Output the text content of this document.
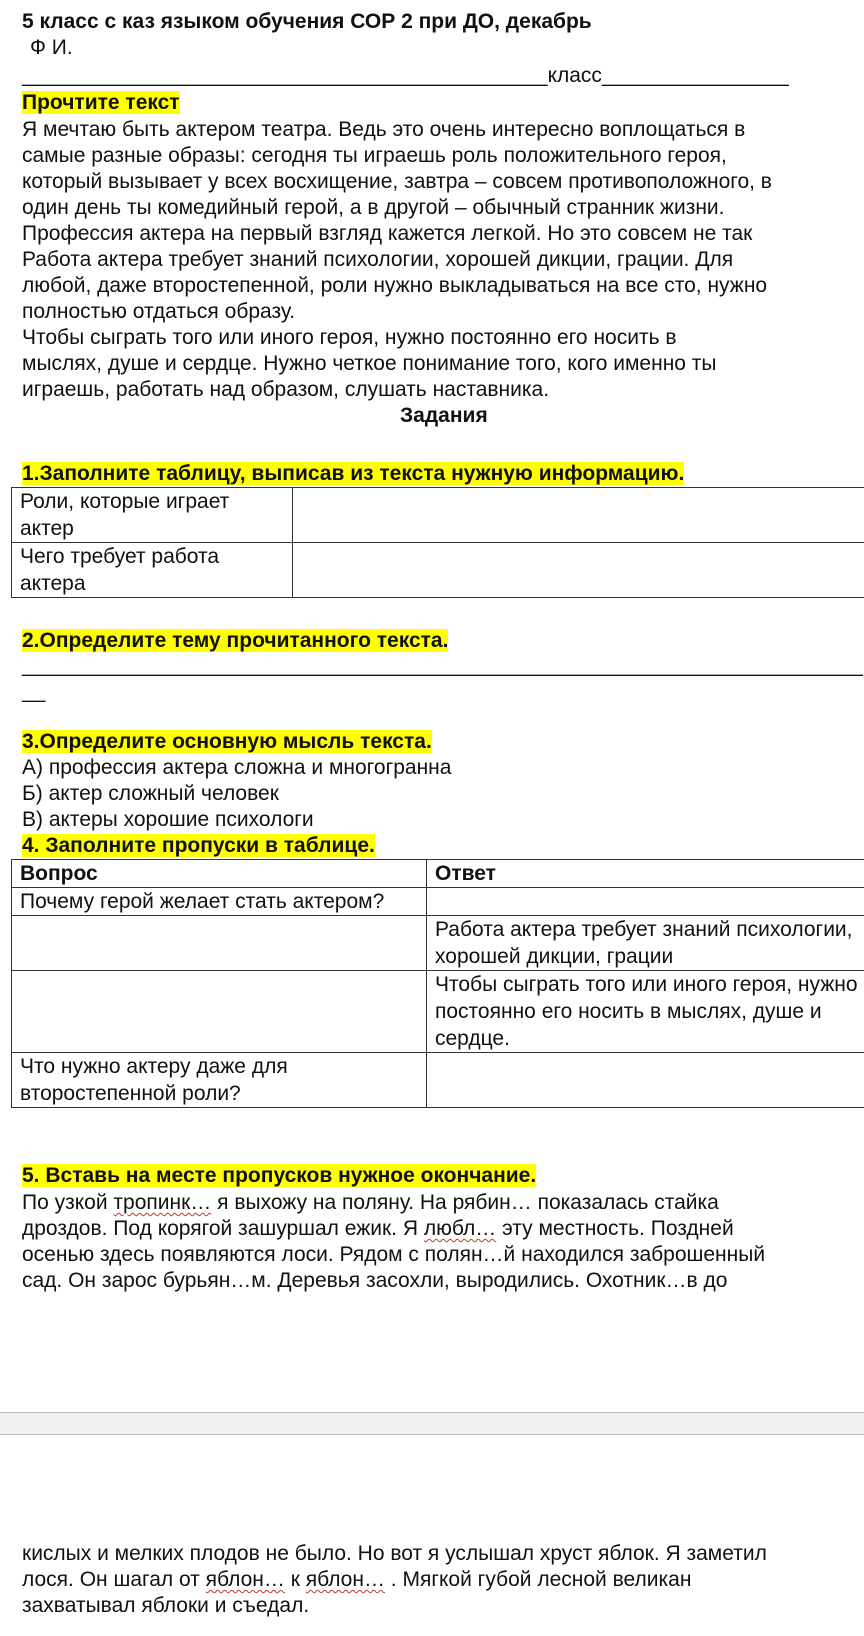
5 класс с каз языком обучения СОР 2 при ДО, декабрь
Ф И.
_____________________________________________класс________________
Прочтите текст
Я мечтаю быть актером театра. Ведь это очень интересно воплощаться в
самые разные образы: сегодня ты играешь роль положительного героя,
который вызывает у всех восхищение, завтра – совсем противоположного, в
один день ты комедийный герой, а в другой – обычный странник жизни.
Профессия актера на первый взгляд кажется легкой. Но это совсем не так
Работа актера требует знаний психологии, хорошей дикции, грации. Для
любой, даже второстепенной, роли нужно выкладываться на все сто, нужно
полностью отдаться образу.
Чтобы сыграть того или иного героя, нужно постоянно его носить в
мыслях, душе и сердце. Нужно четкое понимание того, кого именно ты
играешь, работать над образом, слушать наставника.
Задания
1.Заполните таблицу, выписав из текста нужную информацию.
Роли, которые играет актер	
Чего требует работа актера	
2.Определите тему прочитанного текста.
________________________________________________________________________
__
3.Определите основную мысль текста.
А) профессия актера сложна и многогранна
Б) актер сложный человек
В) актеры хорошие психологи
4. Заполните пропуски в таблице.
Вопрос	Ответ
Почему герой желает стать актером?	
	Работа актера требует знаний психологии, хорошей дикции, грации
	Чтобы сыграть того или иного героя, нужно постоянно его носить в мыслях, душе и сердце.
Что нужно актеру даже для второстепенной роли?	
5. Вставь на месте пропусков нужное окончание.
По узкой тропинк… я выхожу на поляну. На рябин… показалась стайка
дроздов. Под корягой зашуршал ежик. Я любл… эту местность. Поздней
осенью здесь появляются лоси. Рядом с полян…й находился заброшенный
сад. Он зарос бурьян…м. Деревья засохли, выродились. Охотник…в до
кислых и мелких плодов не было. Но вот я услышал хруст яблок. Я заметил
лося. Он шагал от яблон… к яблон… . Мягкой губой лесной великан
захватывал яблоки и съедал.
